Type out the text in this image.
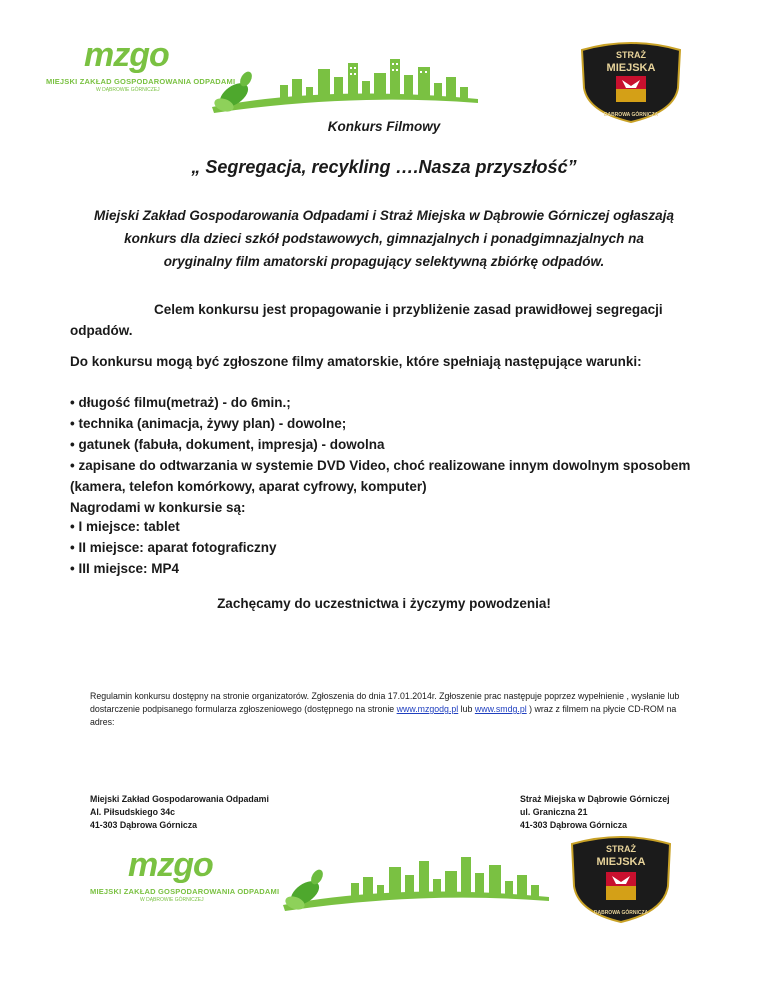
mzgo
MIEJSKI ZAKŁAD GOSPODAROWANIA ODPADAMI
W DĄBROWIE GÓRNICZEJ
STRAŻ
MIEJSKA
DĄBROWA GÓRNICZA
Konkurs Filmowy
„ Segregacja, recykling ….Nasza przyszłość”
Miejski Zakład Gospodarowania Odpadami i Straż Miejska w Dąbrowie Górniczej ogłaszają konkurs dla dzieci szkół podstawowych, gimnazjalnych i ponadgimnazjalnych na oryginalny film amatorski propagujący selektywną zbiórkę odpadów.
Celem konkursu jest propagowanie i przybliżenie zasad prawidłowej segregacji odpadów.
Do konkursu mogą być zgłoszone filmy amatorskie, które spełniają następujące warunki:
• długość filmu(metraż) - do 6min.;
• technika (animacja, żywy plan) - dowolne;
• gatunek (fabuła, dokument, impresja) - dowolna
• zapisane do odtwarzania w systemie DVD Video, choć realizowane innym dowolnym sposobem (kamera, telefon komórkowy, aparat cyfrowy, komputer)
Nagrodami w konkursie są:
• I miejsce: tablet
• II miejsce: aparat fotograficzny
• III miejsce: MP4
Zachęcamy do uczestnictwa i życzymy powodzenia!
Regulamin konkursu dostępny na stronie organizatorów. Zgłoszenia do dnia 17.01.2014r. Zgłoszenie prac następuje poprzez wypełnienie , wysłanie lub dostarczenie podpisanego formularza zgłoszeniowego (dostępnego na stronie www.mzgodg.pl lub www.smdg.pl ) wraz z filmem na płycie CD-ROM na adres:
Miejski Zakład Gospodarowania Odpadami
Al. Piłsudskiego 34c
41-303 Dąbrowa Górnicza
Straż Miejska w Dąbrowie Górniczej
ul. Graniczna 21
41-303 Dąbrowa Górnicza
mzgo
MIEJSKI ZAKŁAD GOSPODAROWANIA ODPADAMI
W DĄBROWIE GÓRNICZEJ
STRAŻ
MIEJSKA
DĄBROWA GÓRNICZA
